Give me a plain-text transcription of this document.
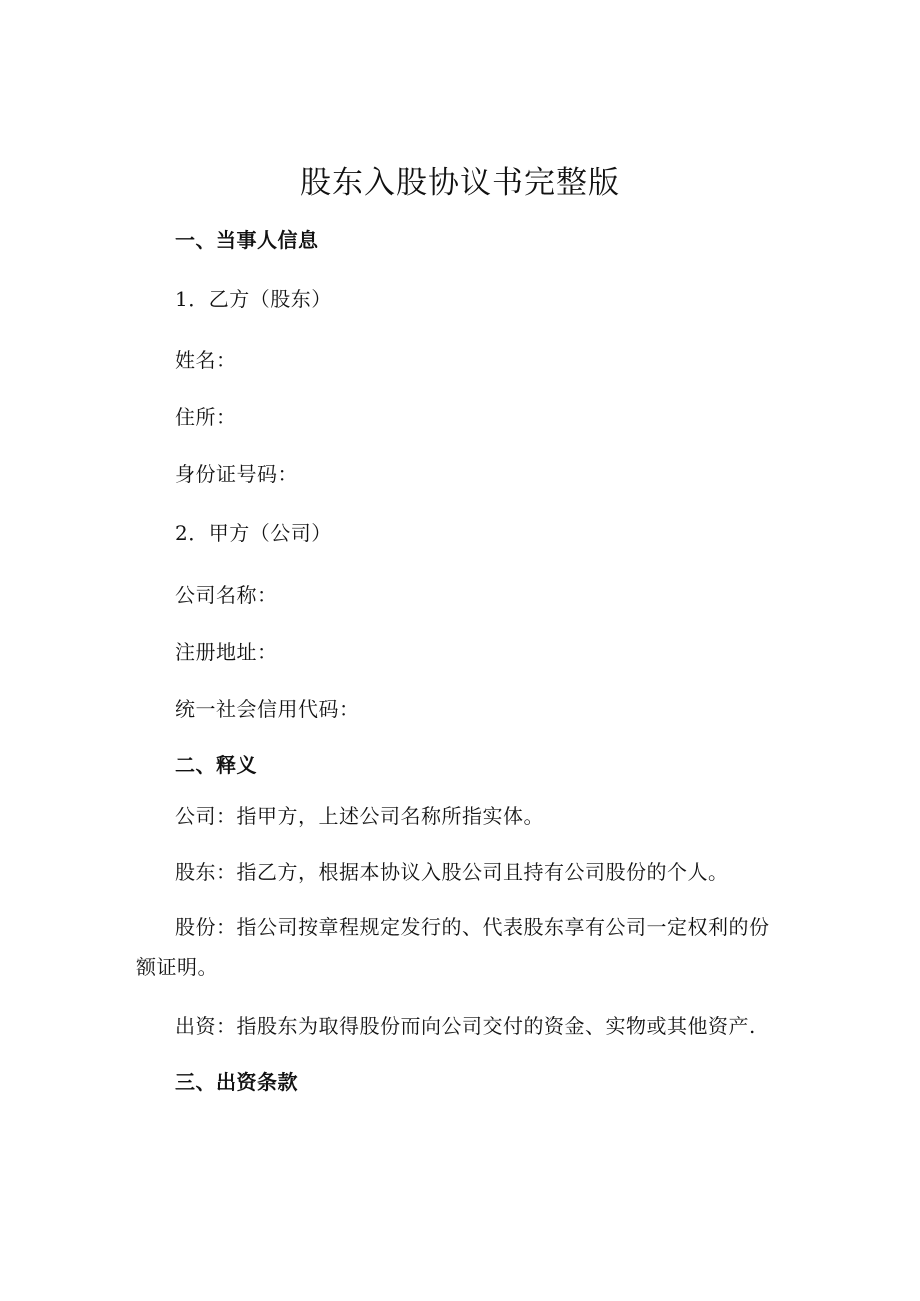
股东入股协议书完整版
一、当事人信息
1．乙方（股东）
姓名：
住所：
身份证号码：
2．甲方（公司）
公司名称：
注册地址：
统一社会信用代码：
二、释义
公司：指甲方，上述公司名称所指实体。
股东：指乙方，根据本协议入股公司且持有公司股份的个人。
股份：指公司按章程规定发行的、代表股东享有公司一定权利的份额证明。
出资：指股东为取得股份而向公司交付的资金、实物或其他资产.
三、出资条款
